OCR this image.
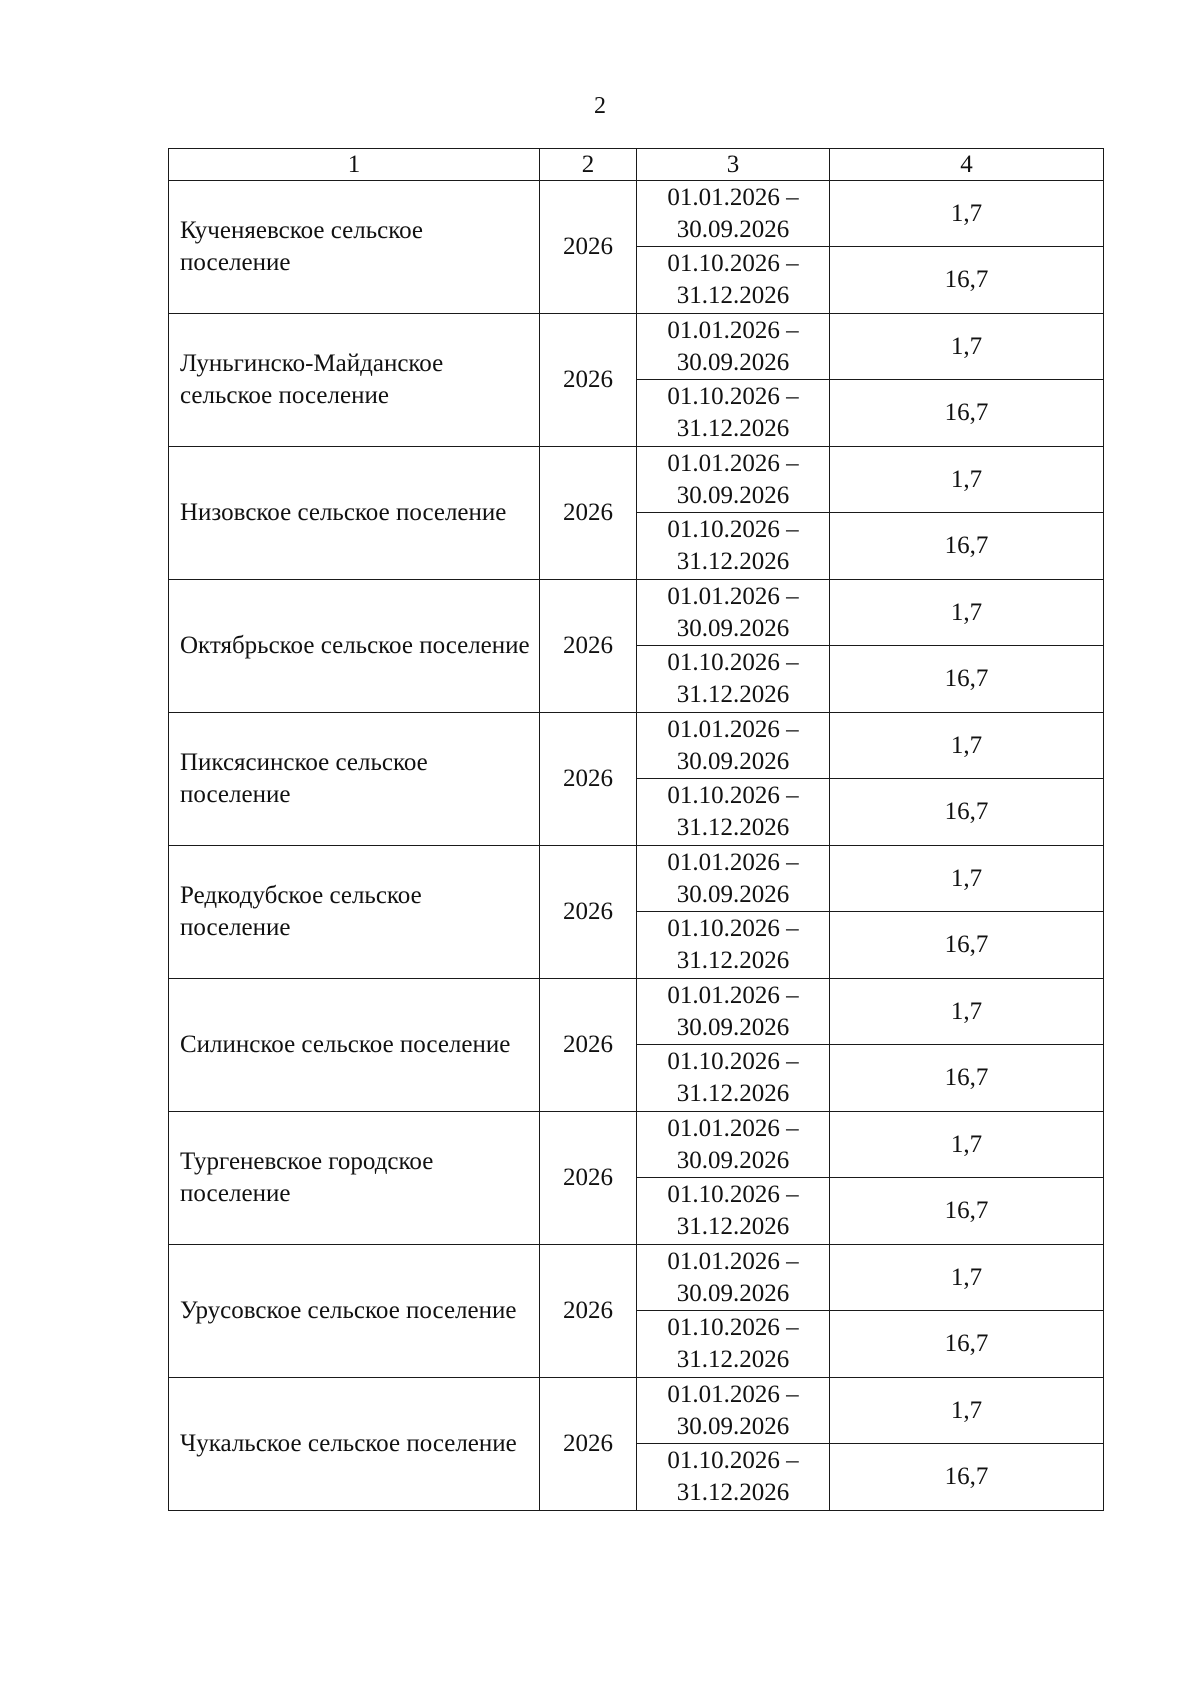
2
1	2	3	4
Кученяевское сельское поселение	2026	01.01.2026 –
30.09.2026	1,7

		01.10.2026 –
31.12.2026	16,7
Луньгинско-Майданское сельское поселение	2026	01.01.2026 –
30.09.2026	1,7

		01.10.2026 –
31.12.2026	16,7
Низовское сельское поселение	2026	01.01.2026 –
30.09.2026	1,7

		01.10.2026 –
31.12.2026	16,7
Октябрьское сельское поселение	2026	01.01.2026 –
30.09.2026	1,7

		01.10.2026 –
31.12.2026	16,7
Пиксясинское сельское поселение	2026	01.01.2026 –
30.09.2026	1,7

		01.10.2026 –
31.12.2026	16,7
Редкодубское сельское поселение	2026	01.01.2026 –
30.09.2026	1,7

		01.10.2026 –
31.12.2026	16,7
Силинское сельское поселение	2026	01.01.2026 –
30.09.2026	1,7

		01.10.2026 –
31.12.2026	16,7
Тургеневское городское поселение	2026	01.01.2026 –
30.09.2026	1,7

		01.10.2026 –
31.12.2026	16,7
Урусовское сельское поселение	2026	01.01.2026 –
30.09.2026	1,7

		01.10.2026 –
31.12.2026	16,7
Чукальское сельское поселение	2026	01.01.2026 –
30.09.2026	1,7

		01.10.2026 –
31.12.2026	16,7
